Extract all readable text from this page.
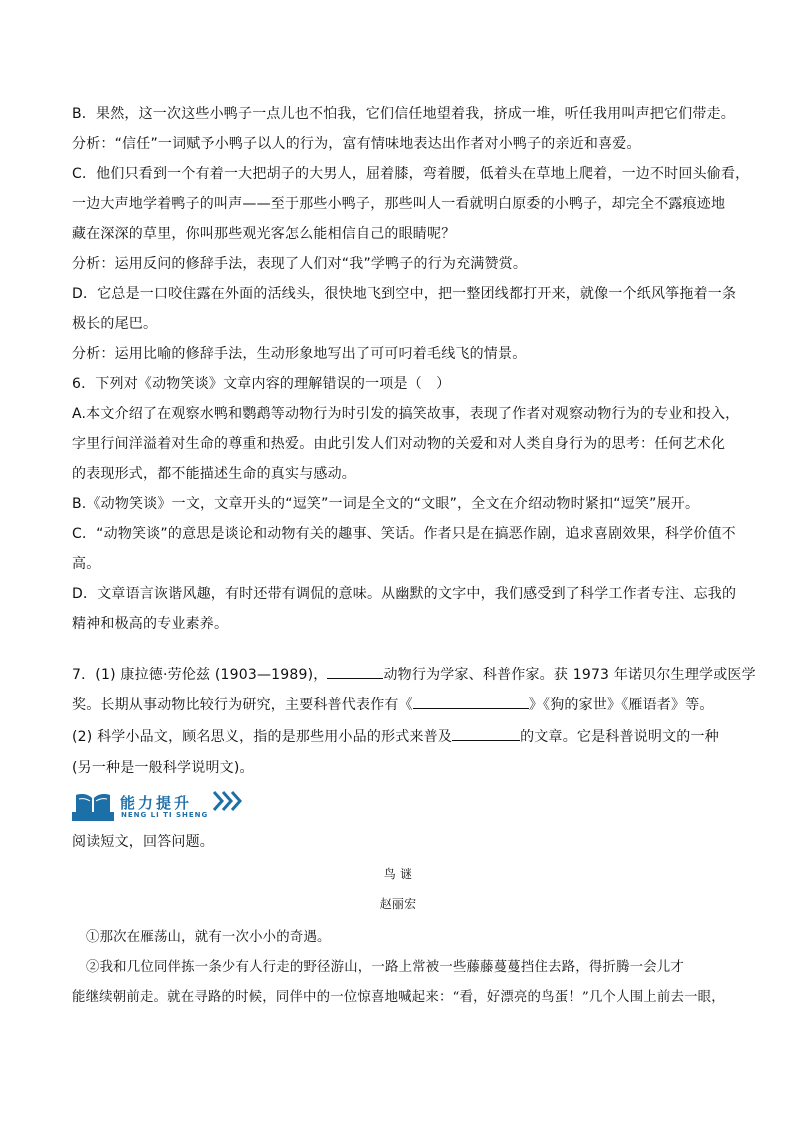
B．果然，这一次这些小鸭子一点儿也不怕我，它们信任地望着我，挤成一堆，听任我用叫声把它们带走。
分析：“信任”一词赋予小鸭子以人的行为，富有情味地表达出作者对小鸭子的亲近和喜爱。
C．他们只看到一个有着一大把胡子的大男人，屈着膝，弯着腰，低着头在草地上爬着，一边不时回头偷看，
一边大声地学着鸭子的叫声——至于那些小鸭子，那些叫人一看就明白原委的小鸭子，却完全不露痕迹地
藏在深深的草里，你叫那些观光客怎么能相信自己的眼睛呢？
分析：运用反问的修辞手法，表现了人们对“我”学鸭子的行为充满赞赏。
D．它总是一口咬住露在外面的活线头，很快地飞到空中，把一整团线都打开来，就像一个纸风筝拖着一条
极长的尾巴。
分析：运用比喻的修辞手法，生动形象地写出了可可叼着毛线飞的情景。
6．下列对《动物笑谈》文章内容的理解错误的一项是（　）
A.本文介绍了在观察水鸭和鹦鹉等动物行为时引发的搞笑故事，表现了作者对观察动物行为的专业和投入，
字里行间洋溢着对生命的尊重和热爱。由此引发人们对动物的关爱和对人类自身行为的思考：任何艺术化
的表现形式，都不能描述生命的真实与感动。
B.《动物笑谈》一文，文章开头的“逗笑”一词是全文的“文眼”，全文在介绍动物时紧扣“逗笑”展开。
C．“动物笑谈”的意思是谈论和动物有关的趣事、笑话。作者只是在搞恶作剧，追求喜剧效果，科学价值不
高。
D．文章语言诙谐风趣，有时还带有调侃的意味。从幽默的文字中，我们感受到了科学工作者专注、忘我的
精神和极高的专业素养。
7．(1) 康拉德·劳伦兹 (1903—1989)，	动物行为学家、科普作家。获 1973 年诺贝尔生理学或医学
奖。长期从事动物比较行为研究，主要科普代表作有《	》《狗的家世》《雁语者》等。
(2) 科学小品文，顾名思义，指的是那些用小品的形式来普及	的文章。它是科普说明文的一种
(另一种是一般科学说明文)。
能力提升
NENG LI TI SHENG
阅读短文，回答问题。
鸟 谜
赵丽宏
①那次在雁荡山，就有一次小小的奇遇。
②我和几位同伴拣一条少有人行走的野径游山，一路上常被一些藤藤蔓蔓挡住去路，得折腾一会儿才
能继续朝前走。就在寻路的时候，同伴中的一位惊喜地喊起来：“看，好漂亮的鸟蛋！”几个人围上前去一眼，
